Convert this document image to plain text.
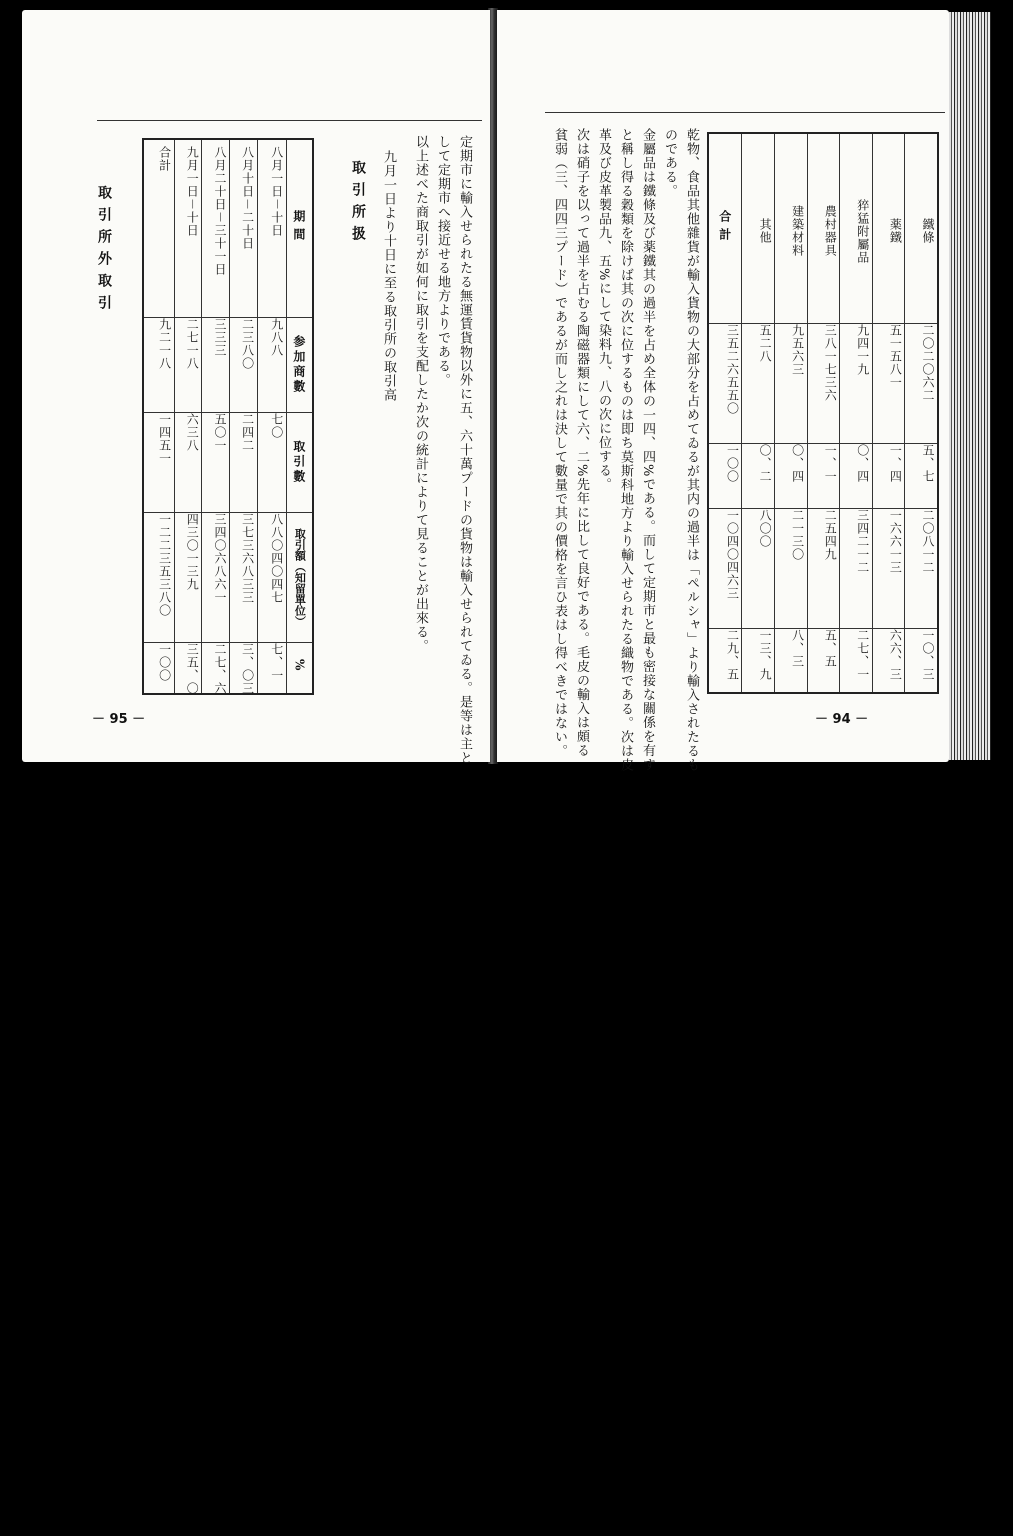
定期市に輸入せられたる無運賃貨物以外に五、六十萬プードの貨物は輸入せられてゐる。是等は主と
して定期市へ接近せる地方よりである。
以上述べた商取引が如何に取引を支配したか次の統計によりて見ることが出來る。
九月一日より十日に至る取引所の取引高
取引所扱
合計	九月一日－十日	八月二十日－三十一日	八月十日－二十日	八月一日－十日	期間

九二一八	二七一八	三三三	二三八〇	九八八	参加商數

一四五一	六三八	五〇一	二四二	七〇	取引數

一二二三五三八〇	四三〇一三九	三四〇六八六一	三七三六八三三	八八〇四〇四七	取引額（知留單位）

一〇〇	三五、〇	二七、六	三、〇三	七、一	%
取引所外取引
－ 95 －	乾物、食品其他雜貨が輸入貨物の大部分を占めてゐるが其内の過半は「ペルシャ」より輸入されたるも
のである。
金屬品は鐵條及び薬鐵其の過半を占め全体の一四、四%である。而して定期市と最も密接な關係を有す
と稱し得る穀類を除けば其の次に位するものは即ち莫斯科地方より輸入せられたる織物である。次は皮
革及び皮革製品九、五%にして染料九、八の次に位する。
次は硝子を以って過半を占むる陶磁器類にして六、二%先年に比して良好である。毛皮の輸入は頗る
貧弱（三、四四三プード）であるが而し之れは決して數量で其の價格を言ひ表はし得べきではない。	合計	其他	建築材料	農村器具	猝猛附屬品	薬鐵	鐵條

三五二六五五〇	五二八	九五六三	三八一七三六	九四一九	五一五八一	二〇二〇六二

一〇〇	〇、二	〇、四	一、一	〇、四	一、四	五、七

一〇四〇四六三	八〇〇	二一三〇	二五四九	三四二一二	一六六一三	二〇八一二

二九、五	一三、九	八、三	五、五	二七、一	六六、三	一〇、三
－ 94 －
